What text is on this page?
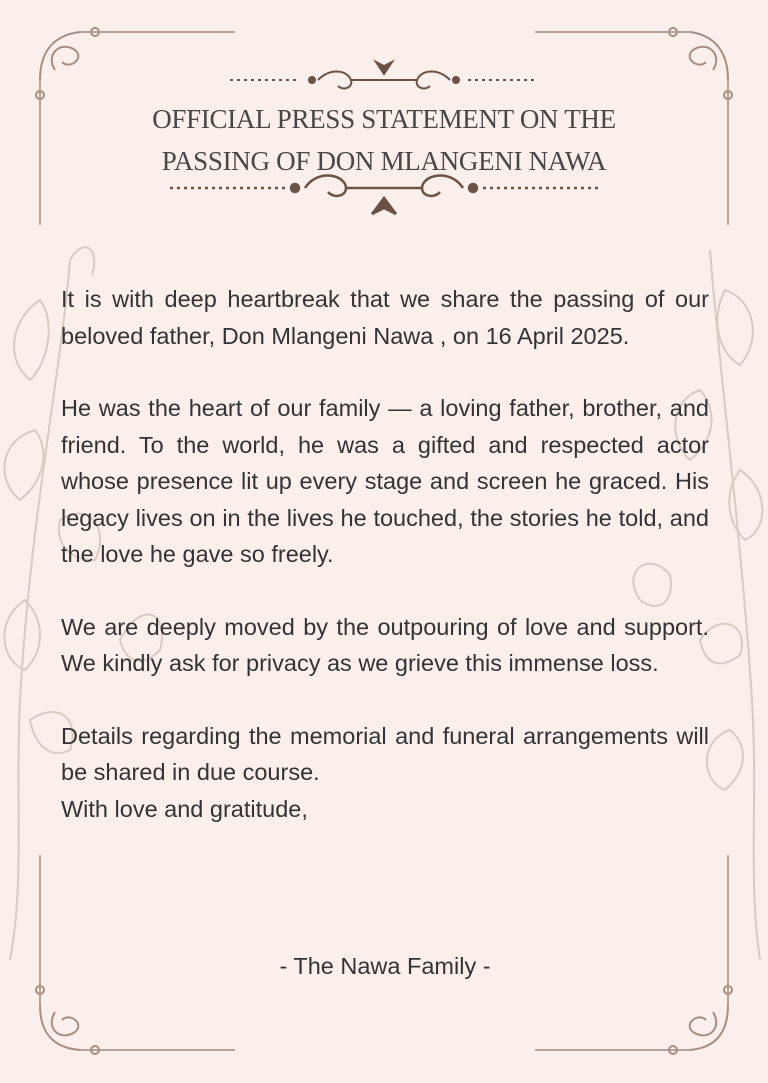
OFFICIAL PRESS STATEMENT ON THE
PASSING OF DON MLANGENI NAWA

It is with deep heartbreak that we share the passing of our beloved father, Don Mlangeni Nawa , on 16 April 2025.

He was the heart of our family — a loving father, brother, and friend. To the world, he was a gifted and respected actor whose presence lit up every stage and screen he graced. His legacy lives on in the lives he touched, the stories he told, and the love he gave so freely.

We are deeply moved by the outpouring of love and support. We kindly ask for privacy as we grieve this immense loss.

Details regarding the memorial and funeral arrangements will be shared in due course.

With love and gratitude,

- The Nawa Family -
